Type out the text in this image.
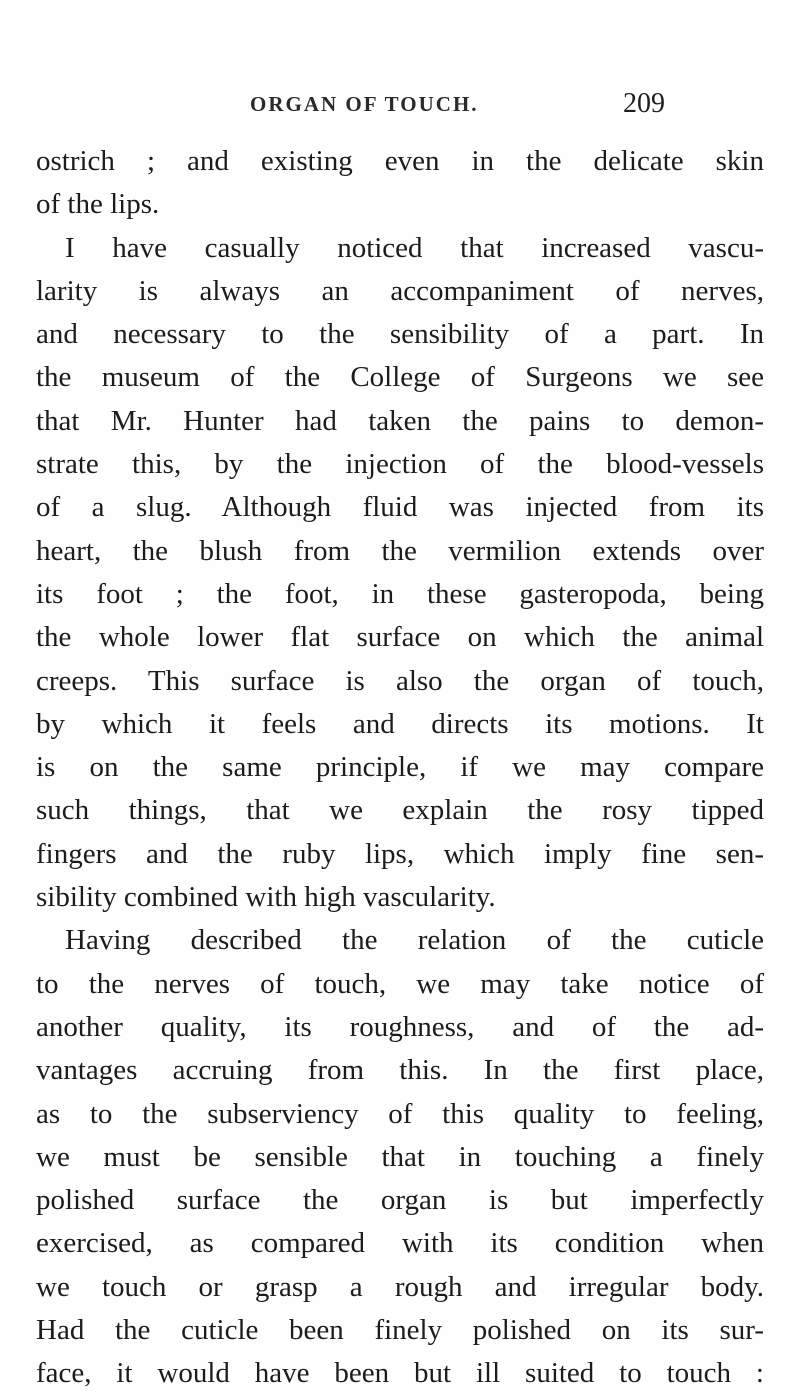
ORGAN OF TOUCH.	209
ostrich ; and existing even in the delicate skin
of the lips.
I have casually noticed that increased vascu-
larity is always an accompaniment of nerves,
and necessary to the sensibility of a part. In
the museum of the College of Surgeons we see
that Mr. Hunter had taken the pains to demon-
strate this, by the injection of the blood-vessels
of a slug. Although fluid was injected from its
heart, the blush from the vermilion extends over
its foot ; the foot, in these gasteropoda, being
the whole lower flat surface on which the animal
creeps. This surface is also the organ of touch,
by which it feels and directs its motions. It
is on the same principle, if we may compare
such things, that we explain the rosy tipped
fingers and the ruby lips, which imply fine sen-
sibility combined with high vascularity.
Having described the relation of the cuticle
to the nerves of touch, we may take notice of
another quality, its roughness, and of the ad-
vantages accruing from this. In the first place,
as to the subserviency of this quality to feeling,
we must be sensible that in touching a finely
polished surface the organ is but imperfectly
exercised, as compared with its condition when
we touch or grasp a rough and irregular body.
Had the cuticle been finely polished on its sur-
face, it would have been but ill suited to touch :
